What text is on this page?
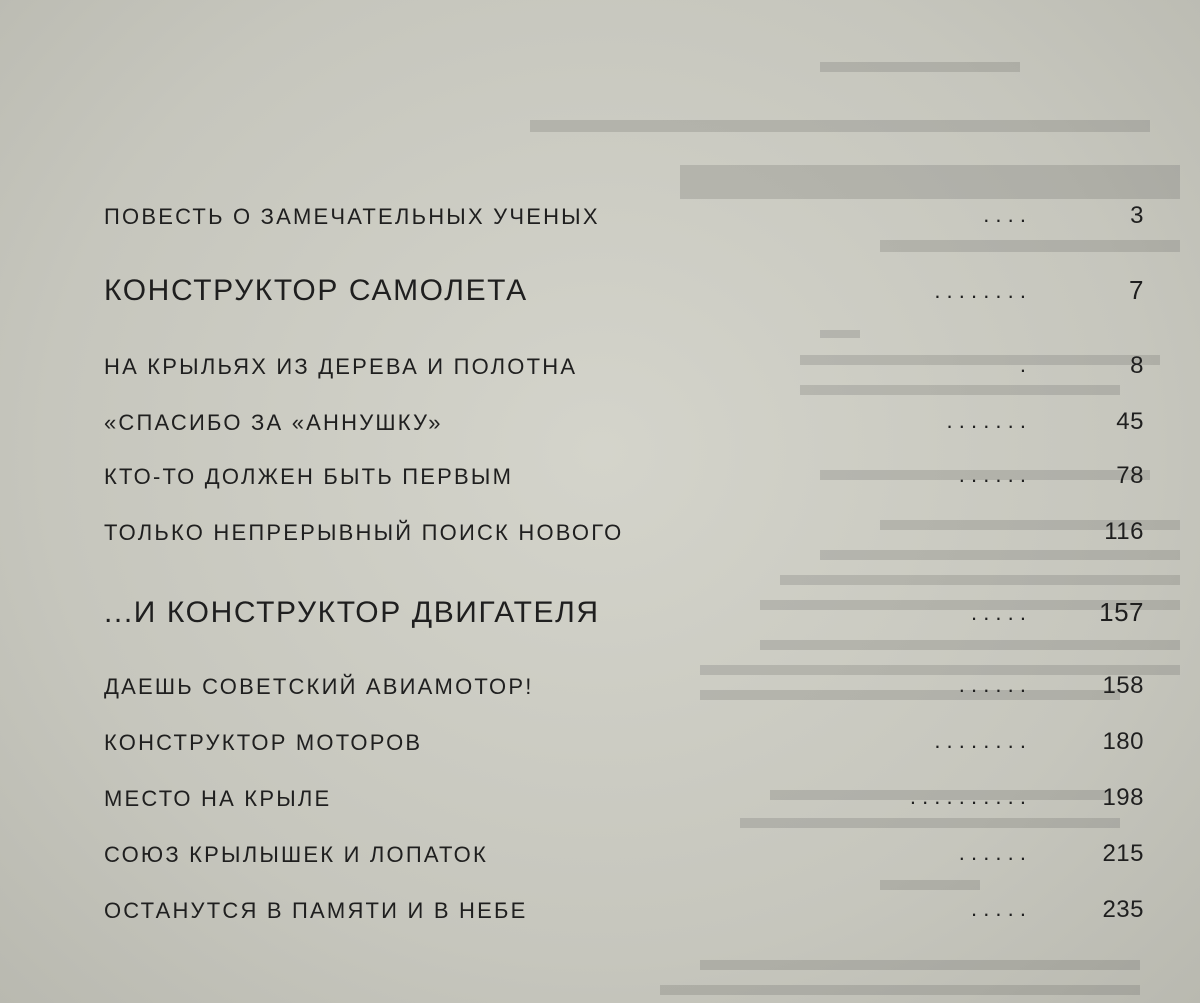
ПОВЕСТЬ О ЗАМЕЧАТЕЛЬНЫХ УЧЕНЫХ	. . . .	3
КОНСТРУКТОР САМОЛЕТА	. . . . . . . .	7
НА КРЫЛЬЯХ ИЗ ДЕРЕВА И ПОЛОТНА	.	8
«СПАСИБО ЗА «АННУШКУ»	. . . . . . .	45
КТО-ТО ДОЛЖЕН БЫТЬ ПЕРВЫМ	. . . . . .	78
ТОЛЬКО НЕПРЕРЫВНЫЙ ПОИСК НОВОГО	116
...И КОНСТРУКТОР ДВИГАТЕЛЯ	. . . . .	157
ДАЕШЬ СОВЕТСКИЙ АВИАМОТОР!	. . . . . .	158
КОНСТРУКТОР МОТОРОВ	. . . . . . . .	180
МЕСТО НА КРЫЛЕ	. . . . . . . . . .	198
СОЮЗ КРЫЛЫШЕК И ЛОПАТОК	. . . . . .	215
ОСТАНУТСЯ В ПАМЯТИ И В НЕБЕ	. . . . .	235
